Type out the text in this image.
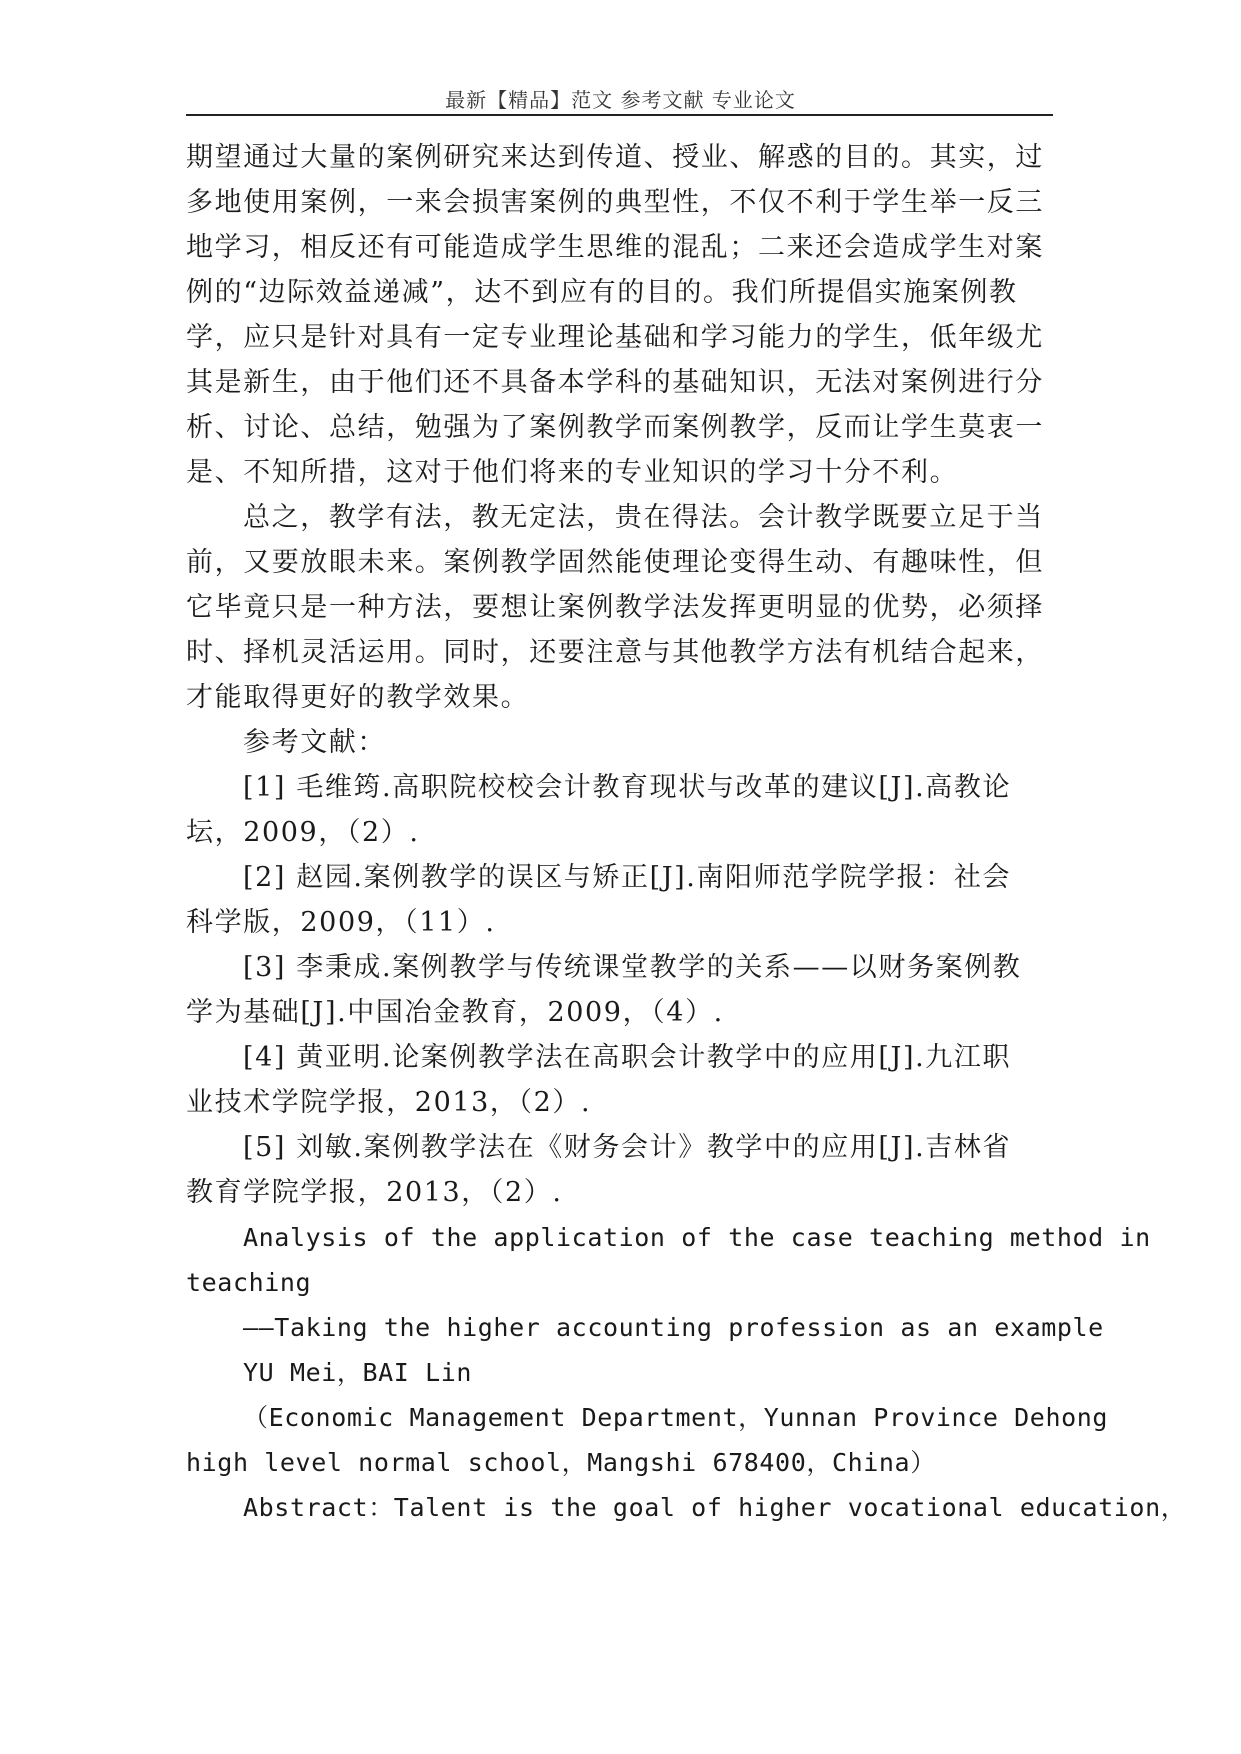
最新【精品】范文 参考文献 专业论文
期望通过大量的案例研究来达到传道、授业、解惑的目的。其实，过
多地使用案例，一来会损害案例的典型性，不仅不利于学生举一反三
地学习，相反还有可能造成学生思维的混乱；二来还会造成学生对案
例的“边际效益递减”，达不到应有的目的。我们所提倡实施案例教
学，应只是针对具有一定专业理论基础和学习能力的学生，低年级尤
其是新生，由于他们还不具备本学科的基础知识，无法对案例进行分
析、讨论、总结，勉强为了案例教学而案例教学，反而让学生莫衷一
是、不知所措，这对于他们将来的专业知识的学习十分不利。
总之，教学有法，教无定法，贵在得法。会计教学既要立足于当
前，又要放眼未来。案例教学固然能使理论变得生动、有趣味性，但
它毕竟只是一种方法，要想让案例教学法发挥更明显的优势，必须择
时、择机灵活运用。同时，还要注意与其他教学方法有机结合起来，
才能取得更好的教学效果。
参考文献：
[1] 毛维筠.高职院校校会计教育现状与改革的建议[J].高教论
坛，2009，（2）.
[2] 赵园.案例教学的误区与矫正[J].南阳师范学院学报：社会
科学版，2009，（11）.
[3] 李秉成.案例教学与传统课堂教学的关系——以财务案例教
学为基础[J].中国冶金教育，2009，（4）.
[4] 黄亚明.论案例教学法在高职会计教学中的应用[J].九江职
业技术学院学报，2013，（2）.
[5] 刘敏.案例教学法在《财务会计》教学中的应用[J].吉林省
教育学院学报，2013，（2）.
Analysis of the application of the case teaching method in
teaching
——Taking the higher accounting profession as an example
YU Mei，BAI Lin
（Economic Management Department，Yunnan Province Dehong
high level normal school，Mangshi 678400，China）
Abstract：Talent is the goal of higher vocational education，
